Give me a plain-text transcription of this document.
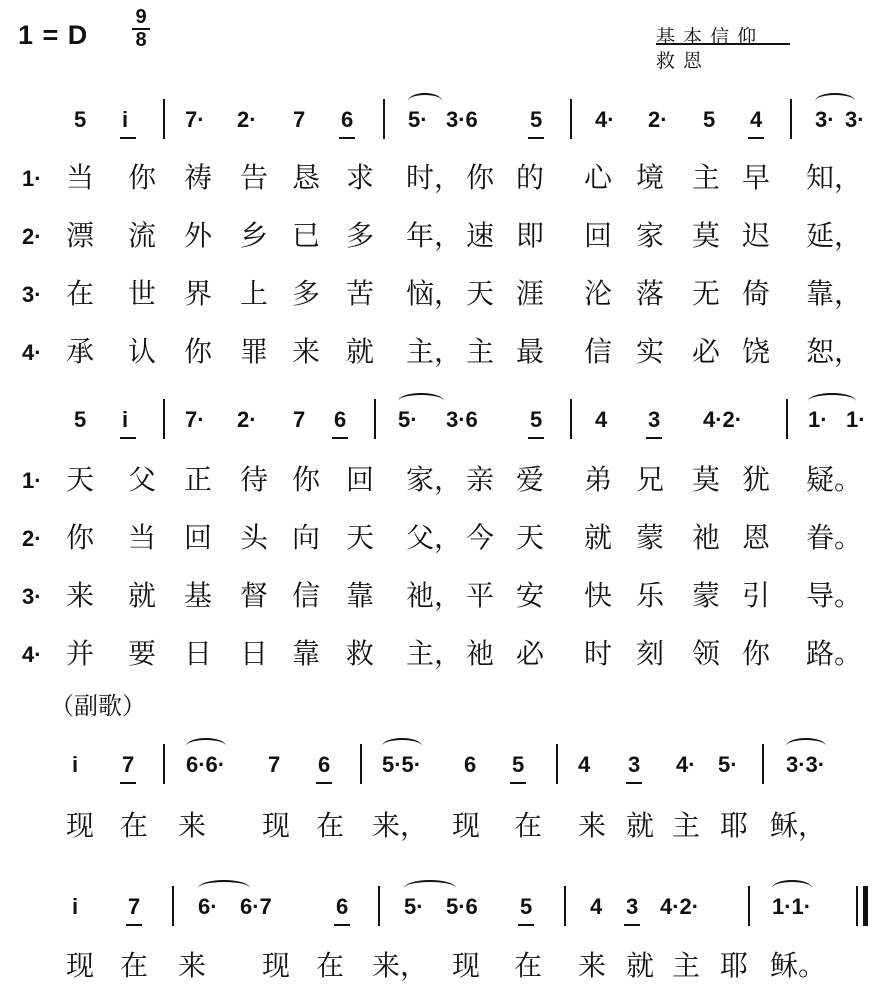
1 = D
9
8	基 本 信 仰
救 恩
5 i	7· 2· 7 6 5· 3·6 5 4· 2· 5 4 3· 3·
1· 当 你 祷 告 恳 求 时， 你 的 心 境 主 早 知，
2· 漂 流 外 乡 已 多 年， 速 即 回 家 莫 迟 延，
3· 在 世 界 上 多 苦 恼， 天 涯 沦 落 无 倚 靠，
4· 承 认 你 罪 来 就 主， 主 最 信 实 必 饶 恕，
5 i	7· 2· 7 6 5· 3·6 5 4 3 4·2·	1· 1·
1· 天 父 正 待 你 回 家， 亲 爱 弟 兄 莫 犹 疑。
2· 你 当 回 头 向 天 父， 今 天 就 蒙 祂 恩 眷。
3· 来 就 基 督 信 靠 祂， 平 安 快 乐 蒙 引 导。
4· 并 要 日 日 靠 救 主， 祂 必 时 刻 领 你 路。
（副歌）
i 7 6·6· 7 6 5·5· 6 5 4 3 4· 5· 3·3·
现 在 来 现 在 来， 现 在 来 就 主 耶 稣，
i 7	6· 6·7	6	5· 5·6 5	4 3 4·2·	1·1·
现 在 来 现 在 来， 现 在 来 就 主 耶 稣。
